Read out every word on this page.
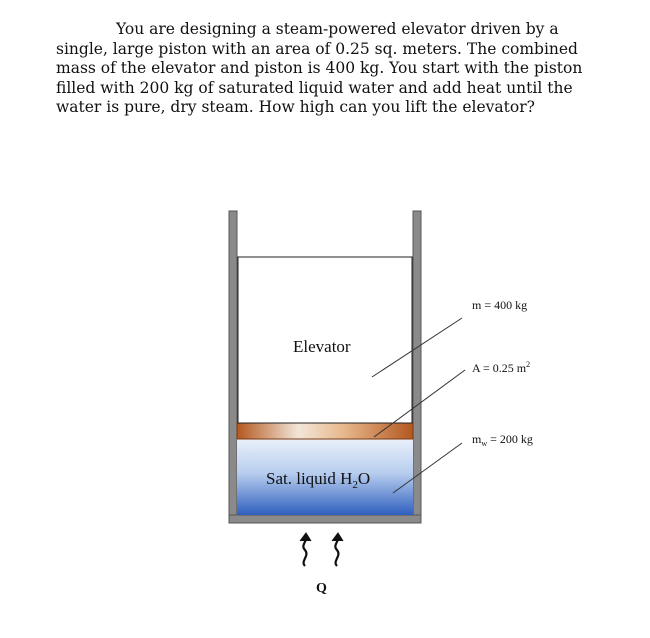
You are designing a steam-powered elevator driven by a single, large piston with an area of 0.25 sq. meters. The combined mass of the elevator and piston is 400 kg. You start with the piston filled with 200 kg of saturated liquid water and add heat until the water is pure, dry steam. How high can you lift the elevator?

Elevator
Sat. liquid $H_2O$
m = 400 kg
A = 0.25 $m^2$
$m_w = 200$ kg
Q
